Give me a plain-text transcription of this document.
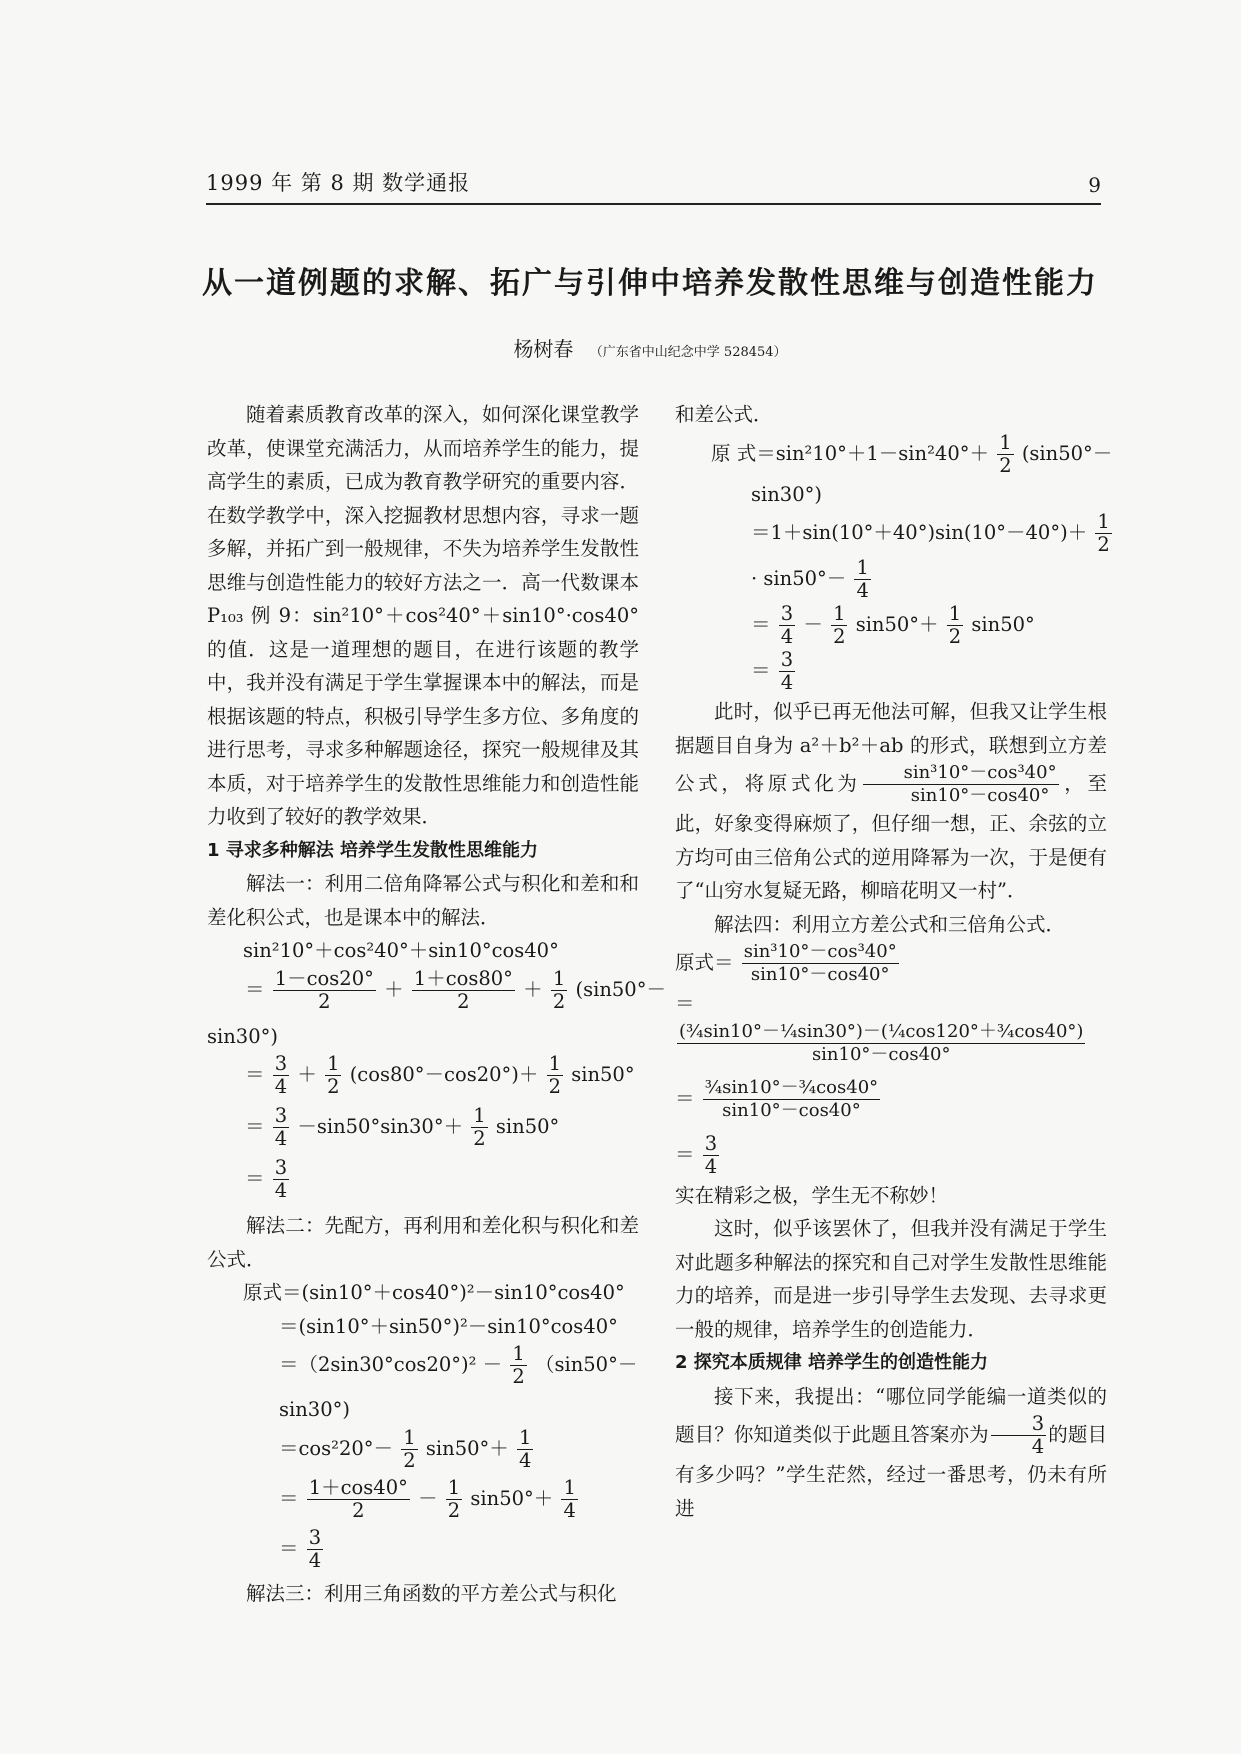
1999 年 第 8 期 数学通报	9
从一道例题的求解、拓广与引伸中培养发散性思维与创造性能力
杨树春 （广东省中山纪念中学 528454）

随着素质教育改革的深入，如何深化课堂教学改革，使课堂充满活力，从而培养学生的能力，提高学生的素质，已成为教育教学研究的重要内容．在数学教学中，深入挖掘教材思想内容，寻求一题多解，并拓广到一般规律，不失为培养学生发散性思维与创造性能力的较好方法之一．高一代数课本 P₁₀₃ 例 9：sin²10°＋cos²40°＋sin10°·cos40°的值．这是一道理想的题目，在进行该题的教学中，我并没有满足于学生掌握课本中的解法，而是根据该题的特点，积极引导学生多方位、多角度的进行思考，寻求多种解题途径，探究一般规律及其本质，对于培养学生的发散性思维能力和创造性能力收到了较好的教学效果．

1 寻求多种解法 培养学生发散性思维能力

解法一：利用二倍角降幂公式与积化和差和和差化积公式，也是课本中的解法．

sin²10°＋cos²40°＋sin10°cos40°

＝ $\frac{1-\cos 20^\circ}{2} + \frac{1+\cos 80^\circ}{2} + \frac{1}{2} (\sin 50^\circ-$

sin30°)

＝ $\frac{3}{4} + \frac{1}{2} (\cos 80^\circ-\cos 20^\circ)+ \frac{1}{2} \sin 50^\circ$

＝ $\frac{3}{4} -\sin 50^\circ\sin 30^\circ+ \frac{1}{2} \sin 50^\circ$

＝ $\frac{3}{4}$

解法二：先配方，再利用和差化积与积化和差公式．

原式＝(sin10°＋cos40°)²－sin10°cos40°

＝(sin10°＋sin50°)²－sin10°cos40°

$=(2\sin 30^\circ\cos 20^\circ)^2 - \frac{1}{2} (\sin 50^\circ-$

sin30°)

$=\cos^220^\circ- \frac{1}{2} \sin 50^\circ+ \frac{1}{4}$

＝ $\frac{1+\cos 40^\circ}{2} - \frac{1}{2} \sin 50^\circ+ \frac{1}{4}$

＝ $\frac{3}{4}$

解法三：利用三角函数的平方差公式与积化

和差公式．

原 式$=\sin^210^\circ+1-\sin^240^\circ+ \frac{1}{2} (\sin 50^\circ-$

sin30°)

$=1+\sin(10^\circ+40^\circ)\sin(10^\circ-40^\circ)+ \frac{1}{2}$

· $\sin 50^\circ- \frac{1}{4}$

＝ $\frac{3}{4} - \frac{1}{2} \sin 50^\circ+ \frac{1}{2} \sin 50^\circ$

＝ $\frac{3}{4}$

此时，似乎已再无他法可解，但我又让学生根据题目自身为 a²＋b²＋ab 的形式，联想到立方差公式，将原式化为 $\frac{\text{sin³10°－cos³40°}}{\sin 10^\circ-\cos 40^\circ}$ ，至此，好象变得麻烦了，但仔细一想，正、余弦的立方均可由三倍角公式的逆用降幂为一次，于是便有了“山穷水复疑无路，柳暗花明又一村”．

解法四：利用立方差公式和三倍角公式．

原式＝ $\frac{\text{sin³10°－cos³40°}}{\sin 10^\circ-\cos 40^\circ}$

＝

$\frac{\text{(¾sin10°－¼sin30°)－(¼cos120°＋¾cos40°)}}{\sin 10^\circ-\cos 40^\circ}$

＝ $\frac{\text{¾sin10°－¾cos40°}}{\sin 10^\circ-\cos 40^\circ}$

＝ $\frac{3}{4}$

实在精彩之极，学生无不称妙！

这时，似乎该罢休了，但我并没有满足于学生对此题多种解法的探究和自己对学生发散性思维能力的培养，而是进一步引导学生去发现、去寻求更一般的规律，培养学生的创造能力．

2 探究本质规律 培养学生的创造性能力

接下来，我提出：“哪位同学能编一道类似的题目？你知道类似于此题且答案亦为 $\frac{3}{4}$ 的题目有多少吗？”学生茫然，经过一番思考，仍未有所进
